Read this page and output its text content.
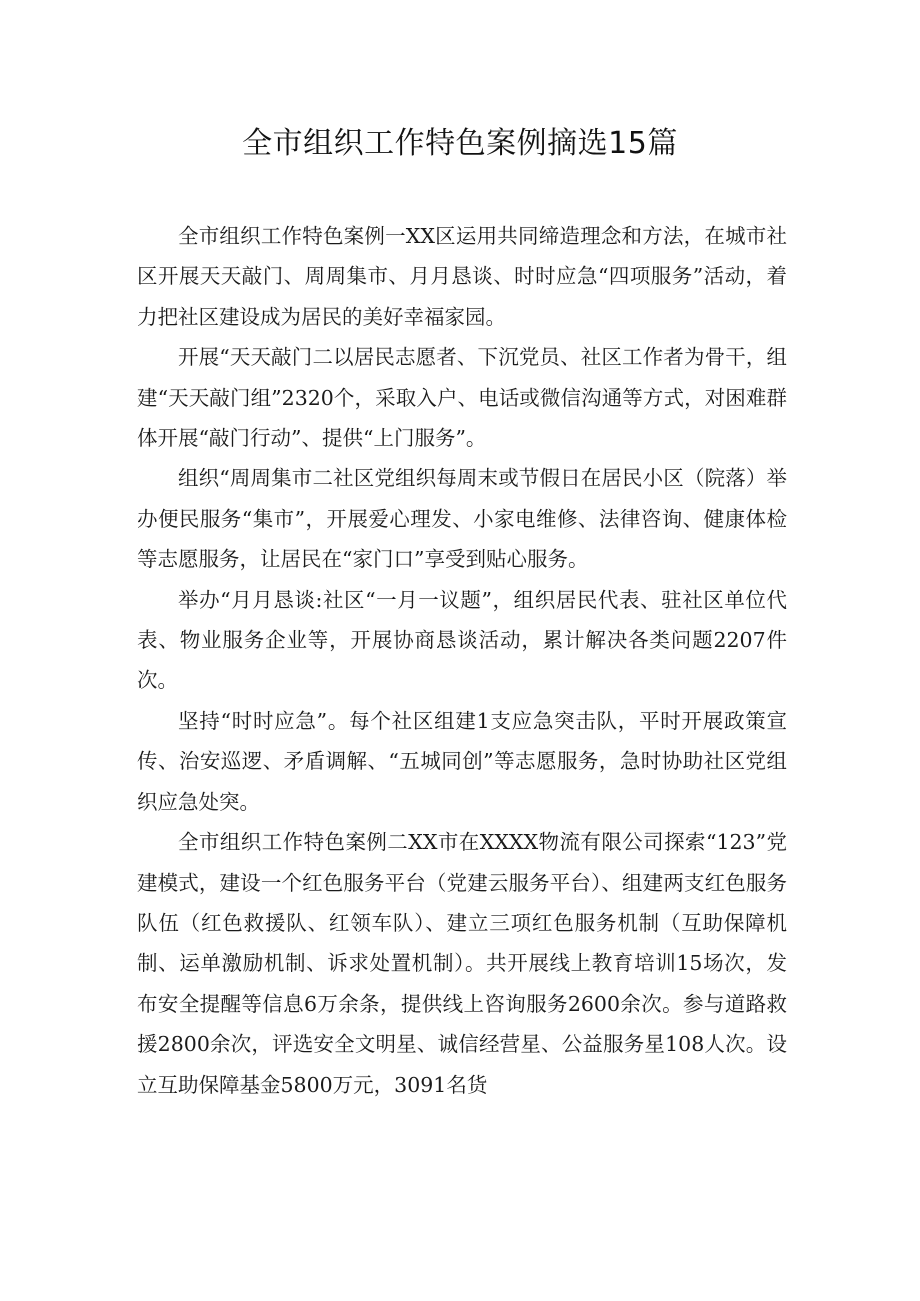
全市组织工作特色案例摘选15篇

全市组织工作特色案例一XX区运用共同缔造理念和方法，在城市社区开展天天敲门、周周集市、月月恳谈、时时应急“四项服务”活动，着力把社区建设成为居民的美好幸福家园。

开展“天天敲门二以居民志愿者、下沉党员、社区工作者为骨干，组建“天天敲门组”2320个，采取入户、电话或微信沟通等方式，对困难群体开展“敲门行动”、提供“上门服务”。

组织“周周集市二社区党组织每周末或节假日在居民小区（院落）举办便民服务“集市”，开展爱心理发、小家电维修、法律咨询、健康体检等志愿服务，让居民在“家门口”享受到贴心服务。

举办“月月恳谈:社区“一月一议题”，组织居民代表、驻社区单位代表、物业服务企业等，开展协商恳谈活动，累计解决各类问题2207件次。

坚持“时时应急”。每个社区组建1支应急突击队，平时开展政策宣传、治安巡逻、矛盾调解、“五城同创”等志愿服务，急时协助社区党组织应急处突。

全市组织工作特色案例二XX市在XXXX物流有限公司探索“123”党建模式，建设一个红色服务平台（党建云服务平台）、组建两支红色服务队伍（红色救援队、红领车队）、建立三项红色服务机制（互助保障机制、运单激励机制、诉求处置机制）。共开展线上教育培训15场次，发布安全提醒等信息6万余条，提供线上咨询服务2600余次。参与道路救援2800余次，评选安全文明星、诚信经营星、公益服务星108人次。设立互助保障基金5800万元，3091名货
